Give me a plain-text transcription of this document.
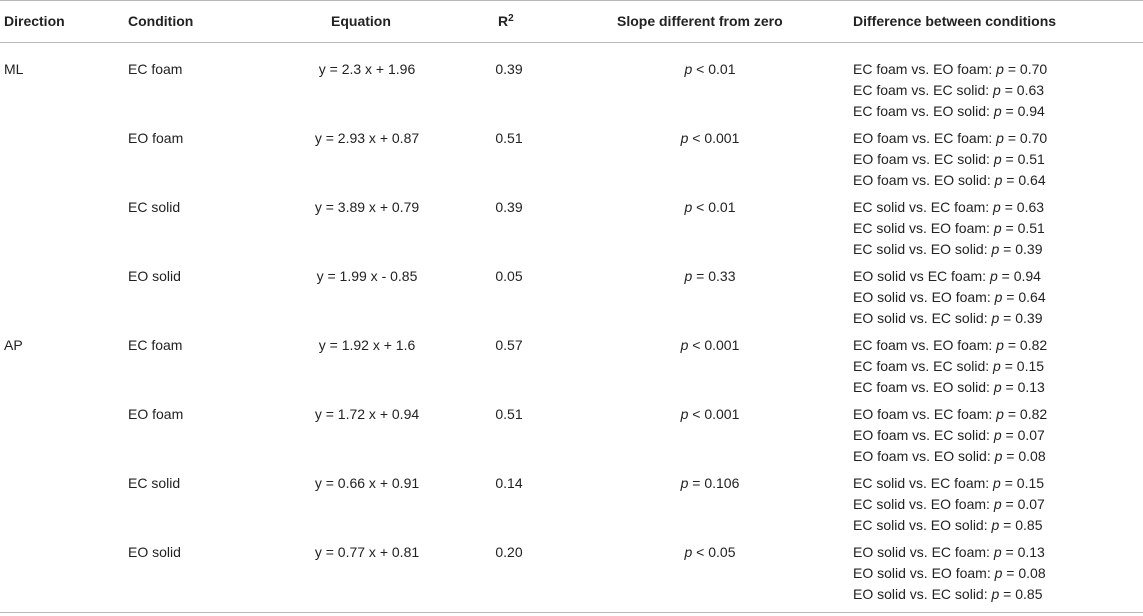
Direction	Condition	Equation	$R^2$	Slope different from zero	Difference between conditions
ML	EC foam	y = 2.3 x + 1.96	0.39	p < 0.01	EC foam vs. EO foam: p = 0.70
EC foam vs. EC solid: p = 0.63
EC foam vs. EO solid: p = 0.94
EO foam	y = 2.93 x + 0.87	0.51	p < 0.001	EO foam vs. EC foam: p = 0.70
EO foam vs. EC solid: p = 0.51
EO foam vs. EO solid: p = 0.64
EC solid	y = 3.89 x + 0.79	0.39	p < 0.01	EC solid vs. EC foam: p = 0.63
EC solid vs. EO foam: p = 0.51
EC solid vs. EO solid: p = 0.39
EO solid	y = 1.99 x - 0.85	0.05	p = 0.33	EO solid vs EC foam: p = 0.94
EO solid vs. EO foam: p = 0.64
EO solid vs. EC solid: p = 0.39
AP	EC foam	y = 1.92 x + 1.6	0.57	p < 0.001	EC foam vs. EO foam: p = 0.82
EC foam vs. EC solid: p = 0.15
EC foam vs. EO solid: p = 0.13
EO foam	y = 1.72 x + 0.94	0.51	p < 0.001	EO foam vs. EC foam: p = 0.82
EO foam vs. EC solid: p = 0.07
EO foam vs. EO solid: p = 0.08
EC solid	y = 0.66 x + 0.91	0.14	p = 0.106	EC solid vs. EC foam: p = 0.15
EC solid vs. EO foam: p = 0.07
EC solid vs. EO solid: p = 0.85
EO solid	y = 0.77 x + 0.81	0.20	p < 0.05	EO solid vs. EC foam: p = 0.13
EO solid vs. EO foam: p = 0.08
EO solid vs. EC solid: p = 0.85
